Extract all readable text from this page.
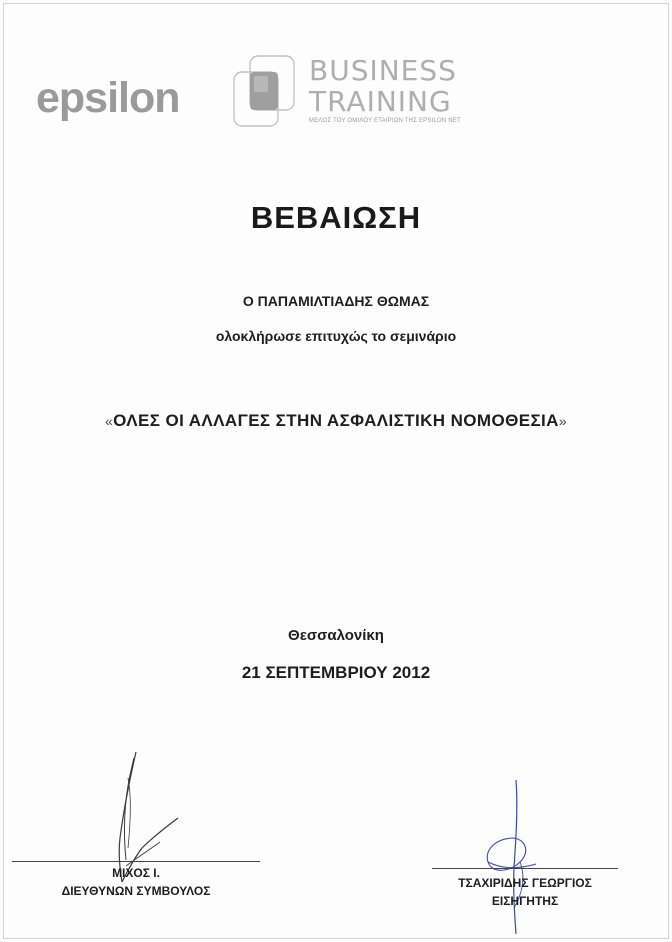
epsilon
BUSINESS
TRAINING
ΜΕΛΟΣ ΤΟΥ ΟΜΙΛΟΥ ΕΤΑΙΡΙΩΝ ΤΗΣ EPSILON NET
ΒΕΒΑΙΩΣΗ
Ο ΠΑΠΑΜΙΛΤΙΑΔΗΣ ΘΩΜΑΣ
ολοκλήρωσε επιτυχώς το σεμινάριο
«ΟΛΕΣ ΟΙ ΑΛΛΑΓΕΣ ΣΤΗΝ ΑΣΦΑΛΙΣΤΙΚΗ ΝΟΜΟΘΕΣΙΑ»
Θεσσαλονίκη
21 ΣΕΠΤΕΜΒΡΙΟΥ 2012
ΜΙΧΟΣ Ι.
ΔΙΕΥΘΥΝΩΝ ΣΥΜΒΟΥΛΟΣ
ΤΣΑΧΙΡΙΔΗΣ ΓΕΩΡΓΙΟΣ
ΕΙΣΗΓΗΤΗΣ
